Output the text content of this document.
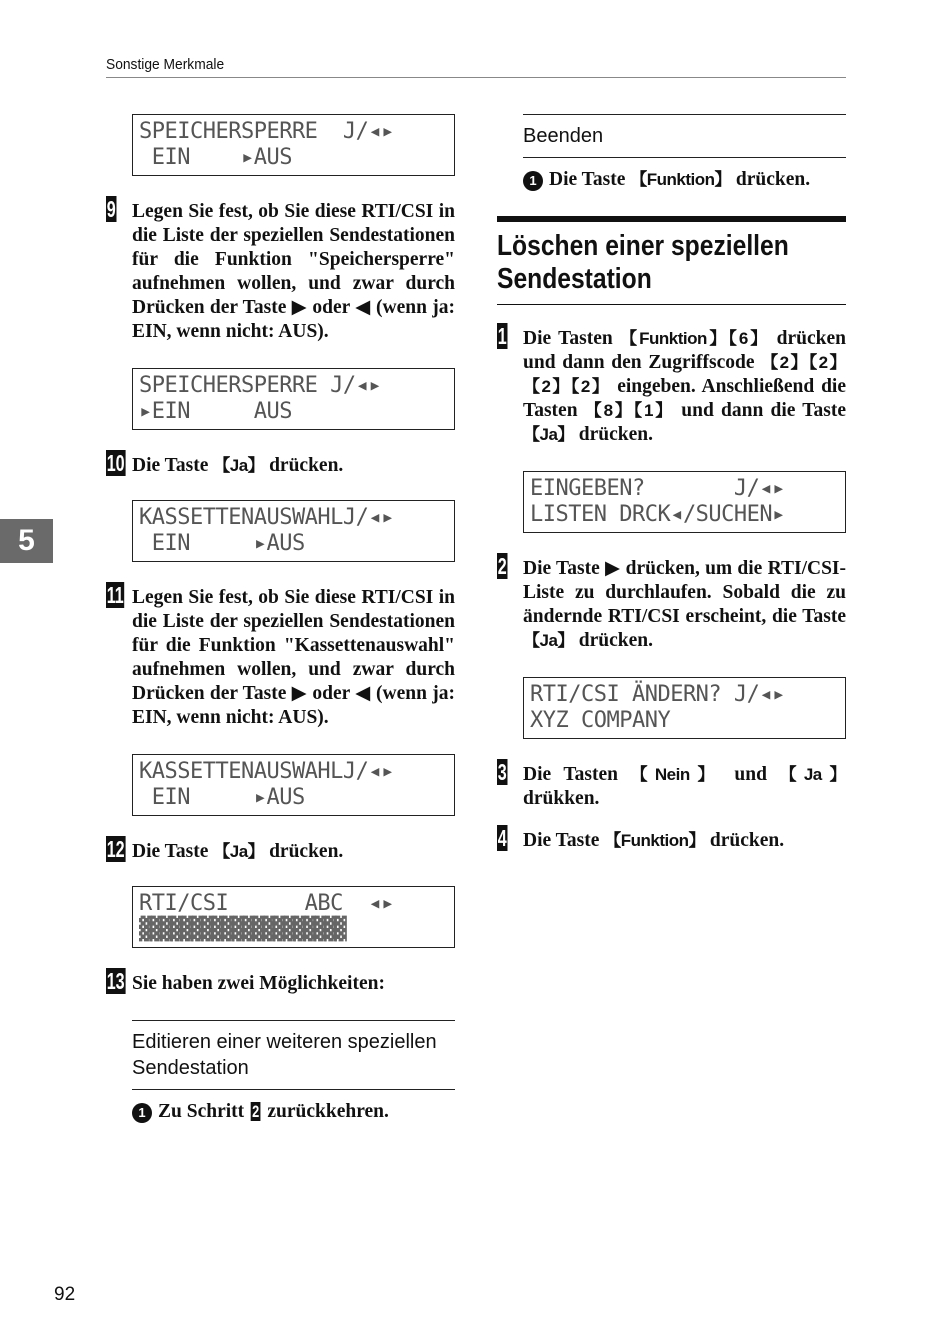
Sonstige Merkmale
5
92
SPEICHERSPERRE  J/◂▸
EIN    ▸AUS
9 Legen Sie fest, ob Sie diese RTI/CSI in die Liste der speziellen Sendestationen für die Funktion "Speichersperre" aufnehmen wollen, und zwar durch Drücken der Taste ▶ oder ◀ (wenn ja: EIN, wenn nicht: AUS).
SPEICHERSPERRE J/◂▸
▸EIN     AUS
10 Die Taste 【Ja】 drücken.
KASSETTENAUSWAHLJ/◂▸
EIN     ▸AUS
11 Legen Sie fest, ob Sie diese RTI/CSI in die Liste der speziellen Sendestationen für die Funktion "Kassettenauswahl" aufnehmen wollen, und zwar durch Drücken der Taste ▶ oder ◀ (wenn ja: EIN, wenn nicht: AUS).
KASSETTENAUSWAHLJ/◂▸
EIN     ▸AUS
12 Die Taste 【Ja】 drücken.
RTI/CSI      ABC  ◂▸
▓▓▓▓▓▓▓▓▓▓▓▓▓▓▓▓▓▓▓▓
13 Sie haben zwei Möglichkeiten:
Editieren einer weiteren speziellen Sendestation
1 Zu Schritt 2 zurückkehren.
Beenden
1 Die Taste 【Funktion】 drücken.
Löschen einer speziellen
Sendestation
1 Die Tasten 【Funktion】【6】 drücken und dann den Zugriffscode 【2】【2】【2】【2】 eingeben. Anschließend die Tasten 【8】【1】 und dann die Taste 【Ja】 drücken.
EINGEBEN?       J/◂▸
LISTEN DRCK◂/SUCHEN▸
2 Die Taste ▶ drücken, um die RTI/CSI-Liste zu durchlaufen. Sobald die zu ändernde RTI/CSI erscheint, die Taste 【Ja】 drücken.
RTI/CSI ÄNDERN? J/◂▸
XYZ COMPANY
3 Die Tasten 【Nein】 und 【Ja】 drükken.
4 Die Taste 【Funktion】 drücken.
